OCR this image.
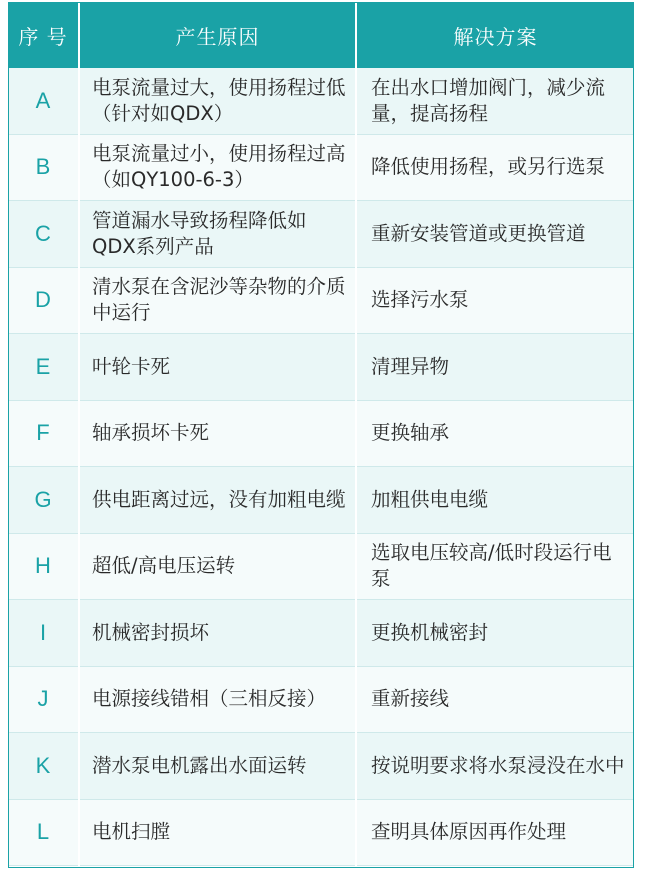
序 号	产生原因	解决方案
A	电泵流量过大，使用扬程过低（针对如QDX）	在出水口增加阀门，减少流量，提高扬程
B	电泵流量过小，使用扬程过高（如QY100-6-3）	降低使用扬程，或另行选泵
C	管道漏水导致扬程降低如QDX系列产品	重新安装管道或更换管道
D	清水泵在含泥沙等杂物的介质中运行	选择污水泵
E	叶轮卡死	清理异物
F	轴承损坏卡死	更换轴承
G	供电距离过远，没有加粗电缆	加粗供电电缆
H	超低/高电压运转	选取电压较高/低时段运行电泵
I	机械密封损坏	更换机械密封
J	电源接线错相（三相反接）	重新接线
K	潜水泵电机露出水面运转	按说明要求将水泵浸没在水中
L	电机扫膛	查明具体原因再作处理
